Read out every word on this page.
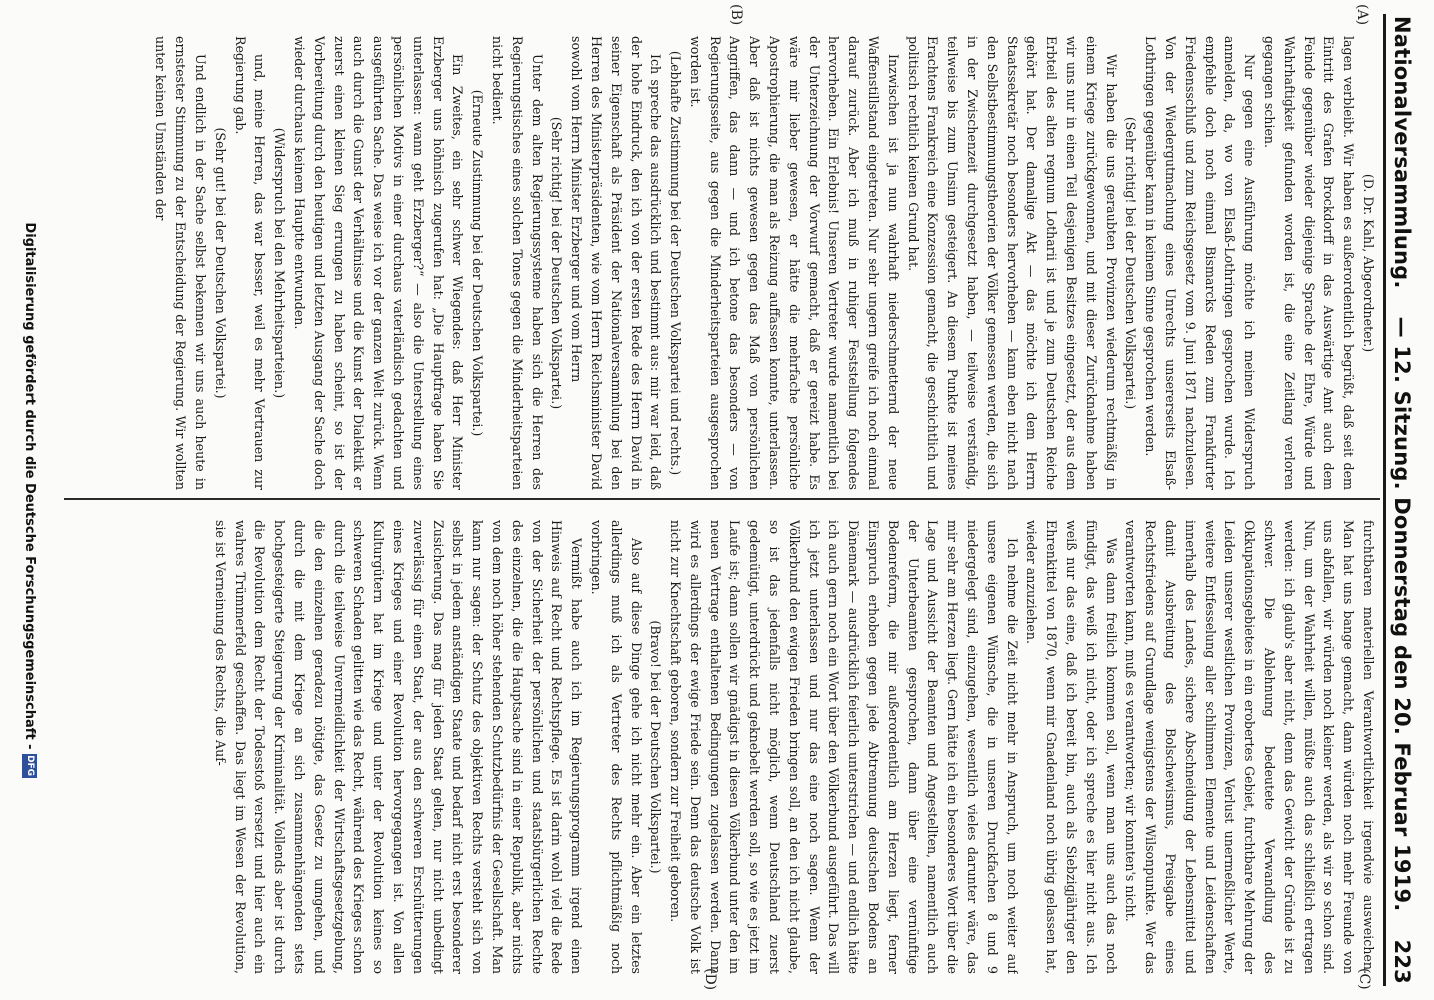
Nationalversammlung.
— 12. Sitzung. Donnerstag den 20. Februar 1919.
223
(A)
(B)
(C)
(D)

(D. Dr. Kahl, Abgeordneter.)

lagen verbleibt. Wir haben es außerordentlich begrüßt, daß seit dem Eintritt des Grafen Brockdorff in das Auswärtige Amt auch dem Feinde gegenüber wieder diejenige Sprache der Ehre, Würde und Wahrhaftigkeit gefunden worden ist, die eine Zeitlang verloren gegangen schien.

Nur gegen eine Ausführung möchte ich meinen Widerspruch anmelden, da, wo von Elsaß-Lothringen gesprochen wurde. Ich empfehle doch noch einmal Bismarcks Reden zum Frankfurter Friedensschluß und zum Reichsgesetz vom 9. Juni 1871 nachzulesen. Von der Wiedergutmachung eines Unrechts unsererseits Elsaß-Lothringen gegenüber kann in keinem Sinne gesprochen werden.

(Sehr richtig! bei der Deutschen Volkspartei.)

Wir haben die uns geraubten Provinzen wiederum rechtmäßig in einem Kriege zurückgewonnen, und mit dieser Zurücknahme haben wir uns nur in einen Teil desjenigen Besitzes eingesetzt, der aus dem Erbteil des alten regnum Lotharii ist und je zum Deutschen Reiche gehört hat. Der damalige Akt — das möchte ich dem Herrn Staatssekretär noch besonders hervorheben — kann eben nicht nach den Selbstbestimmungstheorien der Völker gemessen werden, die sich in der Zwischenzeit durchgesetzt haben, — teilweise verständig, teilweise bis zum Unsinn gesteigert. An diesem Punkte ist meines Erachtens Frankreich eine Konzession gemacht, die geschichtlich und politisch rechtlich keinen Grund hat.

Inzwischen ist ja nun wahrhaft niederschmetternd der neue Waffenstillstand eingetreten. Nur sehr ungern greife ich noch einmal darauf zurück. Aber ich muß in ruhiger Feststellung folgendes hervorheben. Ein Erlebnis! Unseren Vertreter wurde namentlich bei der Unterzeichnung der Vorwurf gemacht, daß er gereizt habe. Es wäre mir lieber gewesen, er hätte die mehrfache persönliche Apostrophierung, die man als Reizung auffassen konnte, unterlassen. Aber daß ist nichts gewesen gegen das Maß von persönlichen Angriffen, das dann — und ich betone das besonders — von Regierungsseite, aus gegen die Minderheitsparteien ausgesprochen worden ist.

(Lebhafte Zustimmung bei der Deutschen Volkspartei und rechts.)

Ich spreche das ausdrücklich und bestimmt aus: mir war leid, daß der hohe Eindruck, den ich von der ersten Rede des Herrn David in seiner Eigenschaft als Präsident der Nationalversammlung bei den Herren des Ministerpräsidenten, wie vom Herrn Reichsminister David sowohl vom Herrn Minister Erzberger und vom Herrn

(Sehr richtig! bei der Deutschen Volkspartei.)

Unter dem alten Regierungssysteme haben sich die Herren des Regierungstisches eines solchen Tones gegen die Minderheitsparteien nicht bedient.

(Erneute Zustimmung bei der Deutschen Volkspartei.)

Ein Zweites, ein sehr schwer Wiegendes: daß Herr Minister Erzberger uns höhnisch zugerufen hat: „Die Hauptfrage haben Sie unterlassen: wann geht Erzberger?“ — also die Unterstellung eines persönlichen Motivs in einer durchaus vaterländisch gedachten und ausgeführten Sache. Das weise ich vor der ganzen Welt zurück. Wenn auch durch die Gunst der Verhältnisse und die Kunst der Dialektik er zuerst einen kleinen Sieg errungen zu haben scheint, so ist der Vorbereitung durch den heutigen und letzten Ausgang der Sache doch wieder durchaus keinem Hauptte entwunden.

(Widerspruch bei den Mehrheitsparteien.)

und, meine Herren, das war besser, weil es mehr Vertrauen zur Regierung gab.

(Sehr gut! bei der Deutschen Volkspartei.)

Und endlich in der Sache selbst bekennen wir uns auch heute in ernstester Stimmung zu der Entscheidung der Regierung. Wir wollten unter keinen Umständen der

furchtbaren materiellen Verantwortlichkeit irgendwie ausweichen. Man hat uns bange gemacht, dann würden noch mehr Freunde von uns abfallen, wir würden noch kleiner werden, als wir so schon sind. Nun, um der Wahrheit willen, müßte auch das schließlich ertragen werden: ich glaub's aber nicht, denn das Gewicht der Gründe ist zu schwer. Die Ablehnung bedeutete Verwandlung des Okkupationsgebietes in ein erobertes Gebiet, furchtbare Mehrung der Leiden unserer westlichen Provinzen, Verlust unermeßlicher Werte, weitere Entfesselung aller schlimmen Elemente und Leidenschaften innerhalb des Landes, sichere Abschneidung der Lebensmittel und damit Ausbreitung des Bolschewismus, Preisgabe eines Rechtsfriedens auf Grundlage wenigstens der Wilsonpunkte. Wer das verantworten kann, muß es verantworten; wir konnten's nicht.

Was dann freilich kommen soll, wenn man uns auch das noch fündigt, das weiß ich nicht, oder ich spreche es hier nicht aus. Ich weiß nur das eine, daß ich bereit bin, auch als Siebzigjähriger den Ehrenkittel von 1870, wenn mir Gnadenland noch übrig gelassen hat, wieder anzuziehen.

Ich nehme die Zeit nicht mehr in Anspruch, um noch weiter auf unsere eigenen Wünsche, die in unseren Druckfachen 8 und 9 niedergelegt sind, einzugehen, wesentlich vieles darunter wäre, das mir sehr am Herzen liegt. Gern hätte ich ein besonderes Wort über die Lage und Aussicht der Beamten und Angestellten, namentlich auch der Unterbeamten gesprochen, dann über eine vernünftige Bodenreform, die mir außerordentlich am Herzen liegt, ferner Einspruch erhoben gegen jede Abtrennung deutschen Bodens an Dänemark — ausdrücklich feierlich unterstrichen — und endlich hätte ich auch gern noch ein Wort über den Völkerbund ausgeführt. Das will ich jetzt unterlassen und nur das eine noch sagen. Wenn der Völkerbund den ewigen Frieden bringen soll, an den ich nicht glaube, so ist das jedenfalls nicht möglich, wenn Deutschland zuerst gedemütigt, unterdrückt und geknebelt werden soll, so wie es jetzt im Laufe ist; dann sollen wir gnädigst in diesen Völkerbund unter den im neuen Vertrage enthaltenen Bedingungen zugelassen werden. Dann wird es allerdings der ewige Friede sein. Denn das deutsche Volk ist nicht zur Knechtschaft geboren, sondern zur Freiheit geboren.

(Bravo! bei der Deutschen Volkspartei.)

Also auf diese Dinge gehe ich nicht mehr ein. Aber ein letztes allerdings muß ich als Vertreter des Rechts pflichtmäßig noch vorbringen.

Vermißt habe auch ich im Regierungsprogramm irgend einen Hinweis auf Recht und Rechtspflege. Es ist darin wohl viel die Rede von der Sicherheit der persönlichen und staatsbürgerlichen Rechte des einzelnen, die die Hauptsache sind in einer Republik, aber nichts von dem noch höher stehenden Schutzbedürfnis der Gesellschaft. Man kann nur sagen: der Schutz des objektiven Rechts versteht sich von selbst in jedem anständigen Staate und bedarf nicht erst besonderer Zusicherung. Das mag für jeden Staat gelten, nur nicht unbedingt zuverlässig für einen Staat, der aus den schweren Erschütterungen eines Krieges und einer Revolution hervorgegangen ist. Von allen Kulturgütern hat im Kriege und unter der Revolution keines so schweren Schaden gelitten wie das Recht, während des Krieges schon durch die teilweise Unvermeidlichkeit der Wirtschaftsgesetzgebung, die den einzelnen geradezu nötigte, das Gesetz zu umgehen, und durch die mit dem Kriege an sich zusammenhängenden stets hochgesteigerte Steigerung der Kriminalität. Vollends aber ist durch die Revolution dem Recht der Todesstoß versetzt und hier auch ein wahres Trümmerfeld geschaffen. Das liegt im Wesen der Revolution, sie ist Verneinung des Rechts, die Auf-

Digitalisierung gefördert durch die Deutsche Forschungsgemeinschaft -
DFG
